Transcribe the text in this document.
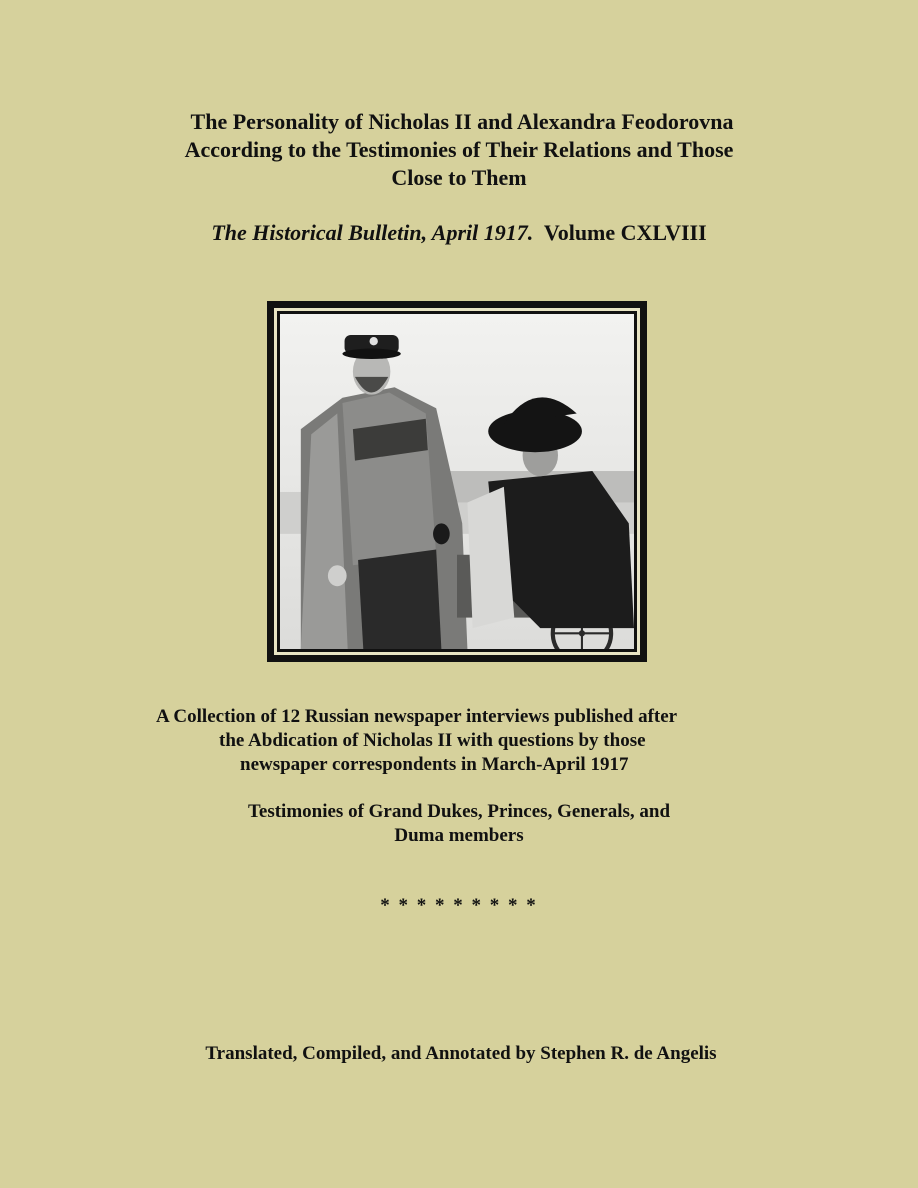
The Personality of Nicholas II and Alexandra Feodorovna
According to the Testimonies of Their Relations and Those
Close to Them
The Historical Bulletin, April 1917. Volume CXLVIII
A Collection of 12 Russian newspaper interviews published after
the Abdication of Nicholas II with questions by those
newspaper correspondents in March-April 1917
Testimonies of Grand Dukes, Princes, Generals, and
Duma members
* * * * * * * * *
Translated, Compiled, and Annotated by Stephen R. de Angelis
